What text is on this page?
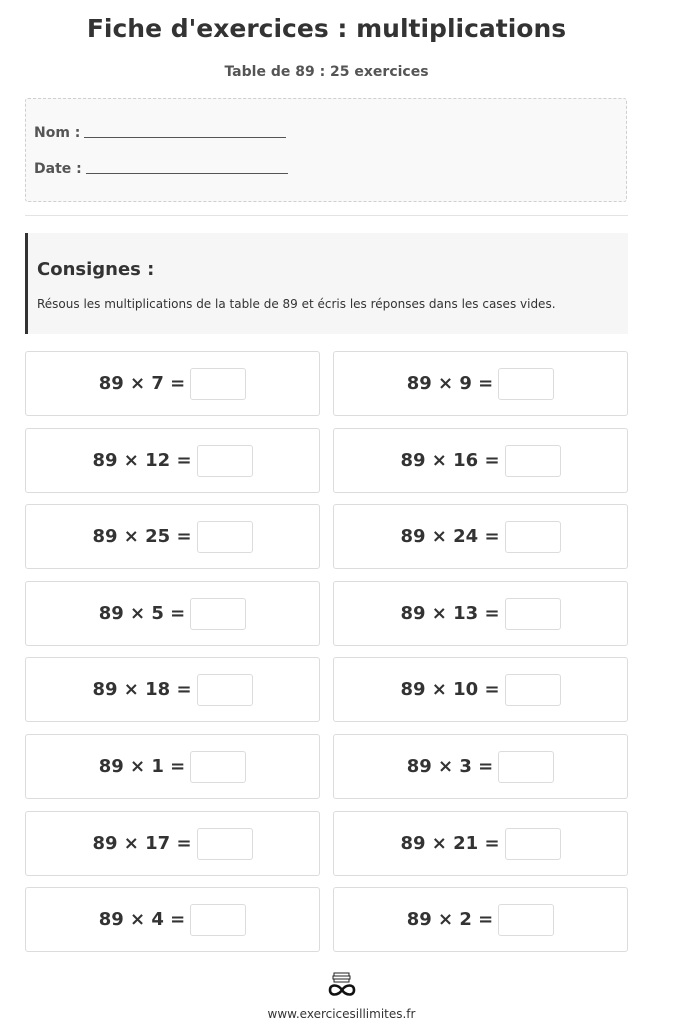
Fiche d'exercices : multiplications
Table de 89 : 25 exercices
Nom :
Date :
Consignes :
Résous les multiplications de la table de 89 et écris les réponses dans les cases vides.
89 × 7 =	89 × 9 =
89 × 12 =	89 × 16 =
89 × 25 =	89 × 24 =
89 × 5 =	89 × 13 =
89 × 18 =	89 × 10 =
89 × 1 =	89 × 3 =
89 × 17 =	89 × 21 =
89 × 4 =	89 × 2 =
www.exercicesillimites.fr
